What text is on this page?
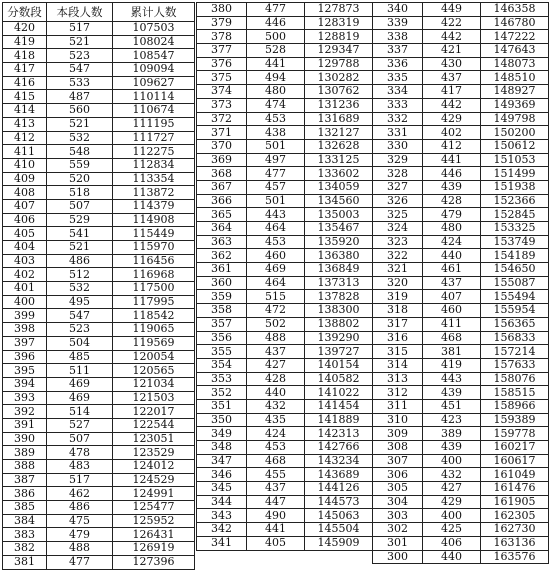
分数段	本段人数	累计人数
420	517	107503
419	521	108024
418	523	108547
417	547	109094
416	533	109627
415	487	110114
414	560	110674
413	521	111195
412	532	111727
411	548	112275
410	559	112834
409	520	113354
408	518	113872
407	507	114379
406	529	114908
405	541	115449
404	521	115970
403	486	116456
402	512	116968
401	532	117500
400	495	117995
399	547	118542
398	523	119065
397	504	119569
396	485	120054
395	511	120565
394	469	121034
393	469	121503
392	514	122017
391	527	122544
390	507	123051
389	478	123529
388	483	124012
387	517	124529
386	462	124991
385	486	125477
384	475	125952
383	479	126431
382	488	126919
381	477	127396
380	477	127873
379	446	128319
378	500	128819
377	528	129347
376	441	129788
375	494	130282
374	480	130762
373	474	131236
372	453	131689
371	438	132127
370	501	132628
369	497	133125
368	477	133602
367	457	134059
366	501	134560
365	443	135003
364	464	135467
363	453	135920
362	460	136380
361	469	136849
360	464	137313
359	515	137828
358	472	138300
357	502	138802
356	488	139290
355	437	139727
354	427	140154
353	428	140582
352	440	141022
351	432	141454
350	435	141889
349	424	142313
348	453	142766
347	468	143234
346	455	143689
345	437	144126
344	447	144573
343	490	145063
342	441	145504
341	405	145909
340	449	146358
339	422	146780
338	442	147222
337	421	147643
336	430	148073
335	437	148510
334	417	148927
333	442	149369
332	429	149798
331	402	150200
330	412	150612
329	441	151053
328	446	151499
327	439	151938
326	428	152366
325	479	152845
324	480	153325
323	424	153749
322	440	154189
321	461	154650
320	437	155087
319	407	155494
318	460	155954
317	411	156365
316	468	156833
315	381	157214
314	419	157633
313	443	158076
312	439	158515
311	451	158966
310	423	159389
309	389	159778
308	439	160217
307	400	160617
306	432	161049
305	427	161476
304	429	161905
303	400	162305
302	425	162730
301	406	163136
300	440	163576
